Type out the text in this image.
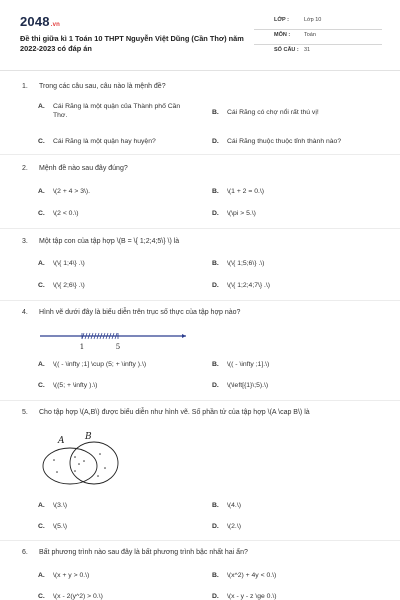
2048.vn
Đề thi giữa kì 1 Toán 10 THPT Nguyễn Việt Dũng (Cần Thơ) năm 2022-2023 có đáp án
LỚP :	Lớp 10
MÔN :	Toán
SỐ CÂU : 31
1. Trong các câu sau, câu nào là mệnh đề?
A. Cái Răng là một quận của Thành phố Cần Thơ.	B. Cái Răng có chợ nổi rất thú vị!
C. Cái Răng là một quận hay huyện?	D. Cái Răng thuộc thuộc tỉnh thành nào?
2. Mệnh đề nào sau đây đúng?
A. \(2 + 4 > 3\).	B. \(1 + 2 = 0.\)
C. \(2 < 0.\)	D. \(\pi > 5.\)
3. Một tập con của tập hợp \(B = \{ 1;2;4;5\} \) là
A. \(\{ 1;4\} .\)	B. \(\{ 1;5;6\} .\)
C. \(\{ 2;6\} .\)	D. \(\{ 1;2;4;7\} .\)
4. Hình vẽ dưới đây là biểu diễn trên trục số thực của tập hợp nào?
1	5
A. \(( - \infty ;1] \cup (5; + \infty ).\)	B. \(( - \infty ;1].\)
C. \((5; + \infty ).\)	D. \(\left[{1}\;5).\)
5. Cho tập hợp \(A,B\) được biểu diễn như hình vẽ. Số phần tử của tập hợp \(A \cap B\) là
A B
A. \(3.\)	B. \(4.\)
C. \(5.\)	D. \(2.\)
6. Bất phương trình nào sau đây là bất phương trình bậc nhất hai ẩn?
A. \(x + y > 0.\)	B. \(x^2) + 4y < 0.\)
C. \(x - 2(y^2) > 0.\)	D. \(x - y - z \ge 0.\)
